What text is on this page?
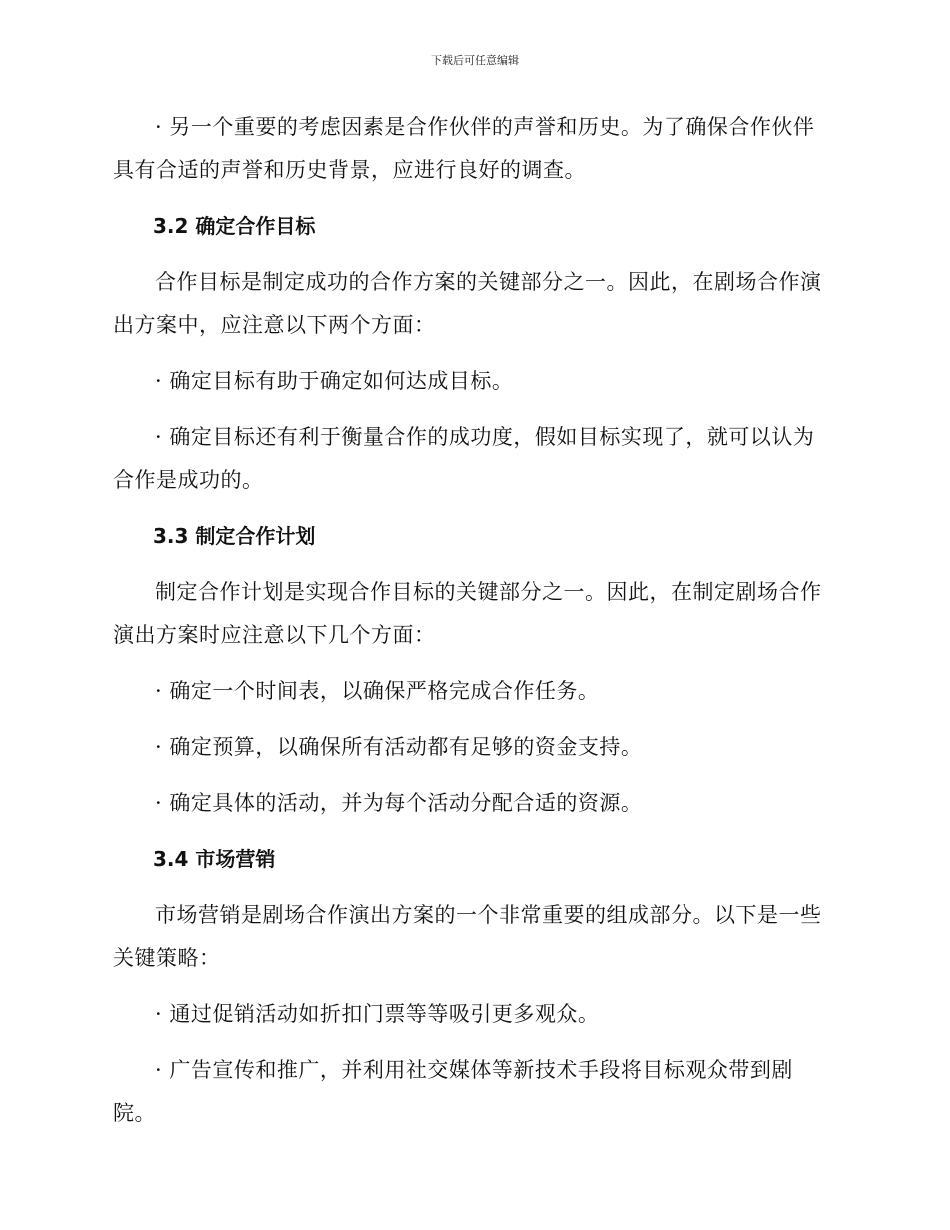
下载后可任意编辑

· 另一个重要的考虑因素是合作伙伴的声誉和历史。为了确保合作伙伴具有合适的声誉和历史背景，应进行良好的调查。

3.2 确定合作目标

合作目标是制定成功的合作方案的关键部分之一。因此，在剧场合作演出方案中，应注意以下两个方面：

· 确定目标有助于确定如何达成目标。

· 确定目标还有利于衡量合作的成功度，假如目标实现了，就可以认为合作是成功的。

3.3 制定合作计划

制定合作计划是实现合作目标的关键部分之一。因此，在制定剧场合作演出方案时应注意以下几个方面：

· 确定一个时间表，以确保严格完成合作任务。

· 确定预算，以确保所有活动都有足够的资金支持。

· 确定具体的活动，并为每个活动分配合适的资源。

3.4 市场营销

市场营销是剧场合作演出方案的一个非常重要的组成部分。以下是一些关键策略：

· 通过促销活动如折扣门票等等吸引更多观众。

· 广告宣传和推广，并利用社交媒体等新技术手段将目标观众带到剧院。
